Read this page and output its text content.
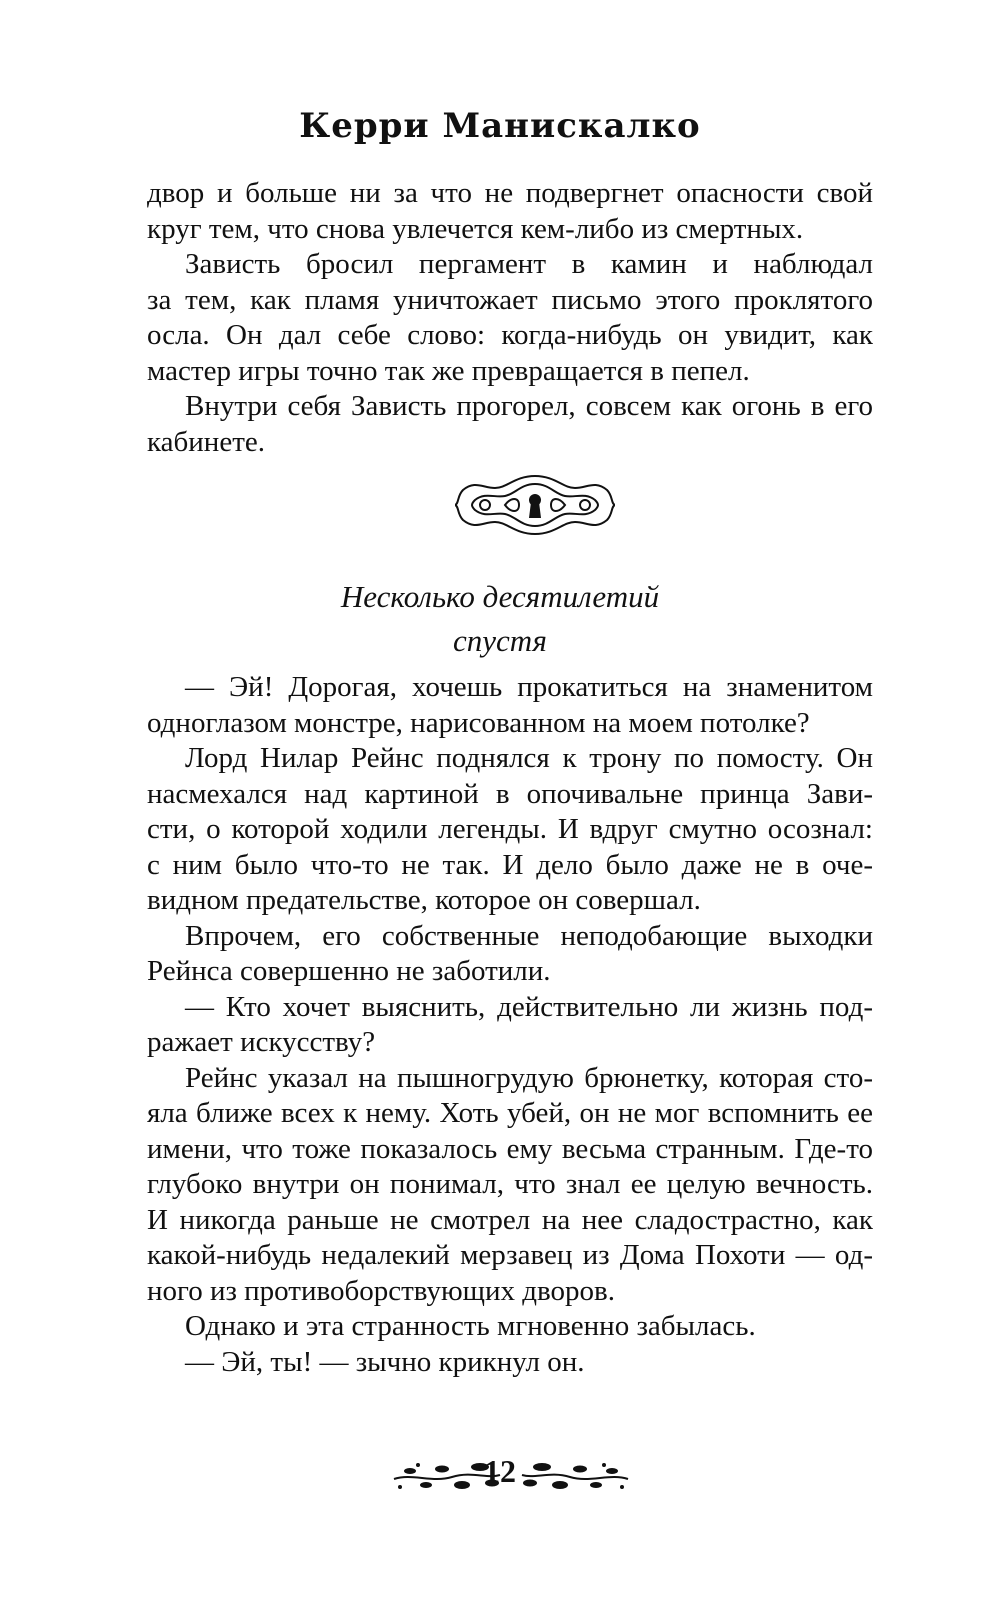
Керри Манискалко
двор и больше ни за что не подвергнет опасности свой
круг тем, что снова увлечется кем-либо из смертных.
Зависть бросил пергамент в камин и наблюдал
за тем, как пламя уничтожает письмо этого проклятого
осла. Он дал себе слово: когда-нибудь он увидит, как
мастер игры точно так же превращается в пепел.
Внутри себя Зависть прогорел, совсем как огонь в его
кабинете.
Несколько десятилетий
спустя
— Эй! Дорогая, хочешь прокатиться на знаменитом
одноглазом монстре, нарисованном на моем потолке?
Лорд Нилар Рейнс поднялся к трону по помосту. Он
насмехался над картиной в опочивальне принца Зави-
сти, о которой ходили легенды. И вдруг смутно осознал:
с ним было что-то не так. И дело было даже не в оче-
видном предательстве, которое он совершал.
Впрочем, его собственные неподобающие выходки
Рейнса совершенно не заботили.
— Кто хочет выяснить, действительно ли жизнь под-
ражает искусству?
Рейнс указал на пышногрудую брюнетку, которая сто-
яла ближе всех к нему. Хоть убей, он не мог вспомнить ее
имени, что тоже показалось ему весьма странным. Где-то
глубоко внутри он понимал, что знал ее целую вечность.
И никогда раньше не смотрел на нее сладострастно, как
какой-нибудь недалекий мерзавец из Дома Похоти — од-
ного из противоборствующих дворов.
Однако и эта странность мгновенно забылась.
— Эй, ты! — зычно крикнул он.
12
